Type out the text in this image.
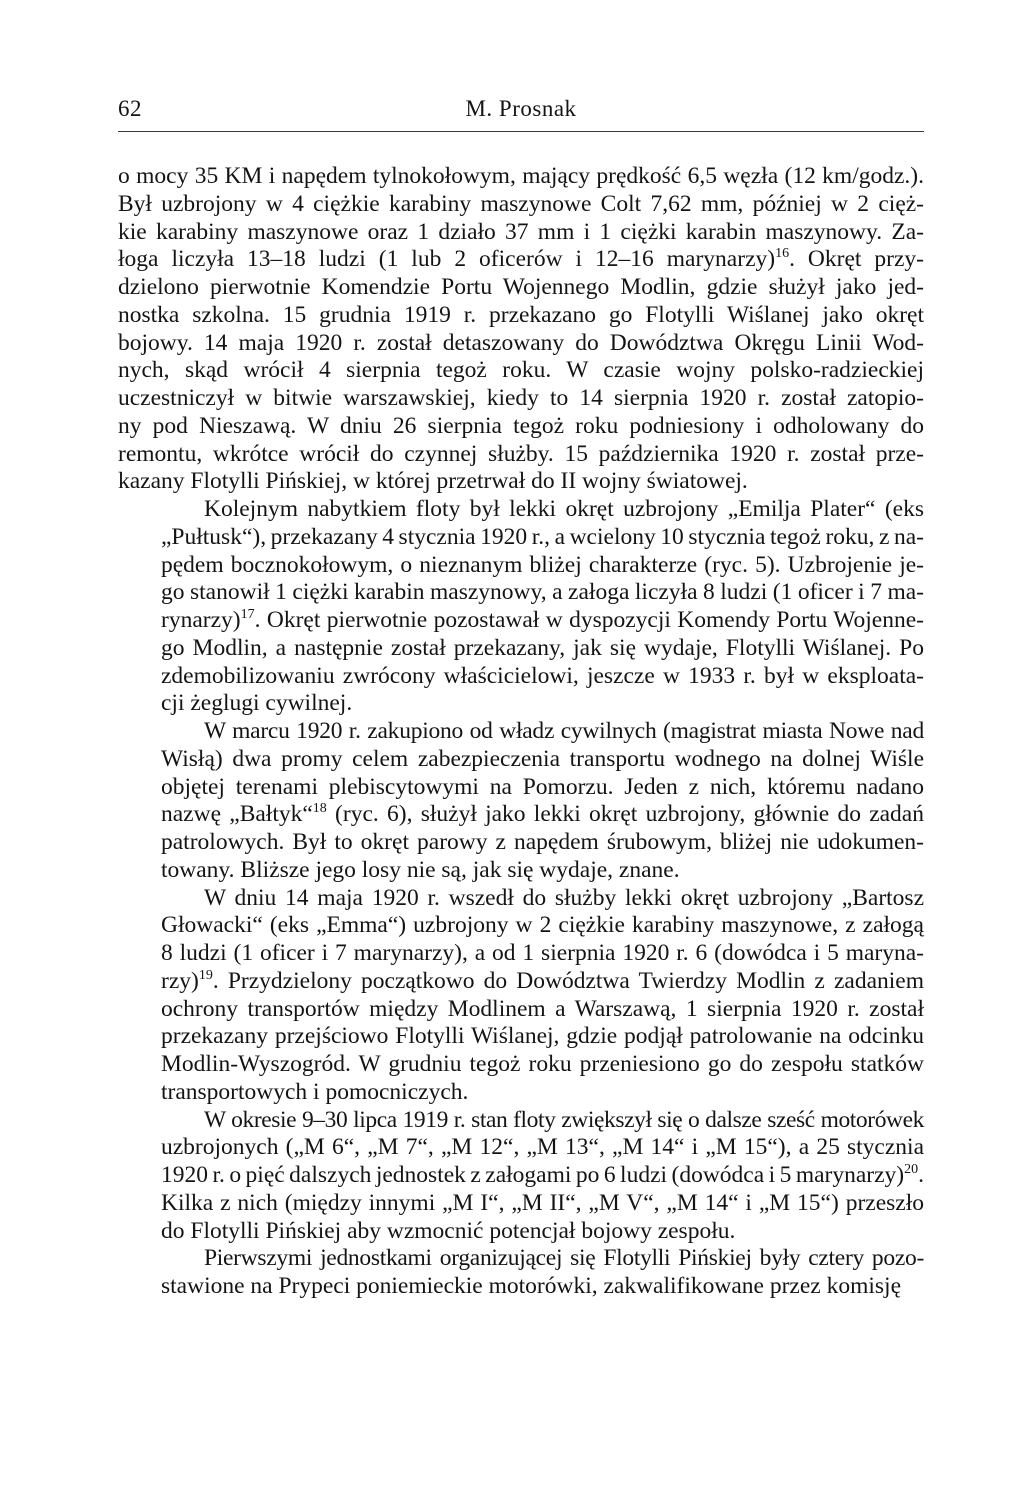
62	M. Prosnak
o mocy 35 KM i napędem tylnokołowym, mający prędkość 6,5 węzła (12 km/godz.).
Był uzbrojony w 4 ciężkie karabiny maszynowe Colt 7,62 mm, później w 2 cięż-
kie karabiny maszynowe oraz 1 działo 37 mm i 1 ciężki karabin maszynowy. Za-
łoga liczyła 13–18 ludzi (1 lub 2 oficerów i 12–16 marynarzy)$^{16}$. Okręt przy-
dzielono pierwotnie Komendzie Portu Wojennego Modlin, gdzie służył jako jed-
nostka szkolna. 15 grudnia 1919 r. przekazano go Flotylli Wiślanej jako okręt
bojowy. 14 maja 1920 r. został detaszowany do Dowództwa Okręgu Linii Wod-
nych, skąd wrócił 4 sierpnia tegoż roku. W czasie wojny polsko-radzieckiej
uczestniczył w bitwie warszawskiej, kiedy to 14 sierpnia 1920 r. został zatopio-
ny pod Nieszawą. W dniu 26 sierpnia tegoż roku podniesiony i odholowany do
remontu, wkrótce wrócił do czynnej służby. 15 października 1920 r. został prze-
kazany Flotylli Pińskiej, w której przetrwał do II wojny światowej.
Kolejnym nabytkiem floty był lekki okręt uzbrojony „Emilja Plater“ (eks
„Pułtusk“), przekazany 4 stycznia 1920 r., a wcielony 10 stycznia tegoż roku, z na-
pędem bocznokołowym, o nieznanym bliżej charakterze (ryc. 5). Uzbrojenie je-
go stanowił 1 ciężki karabin maszynowy, a załoga liczyła 8 ludzi (1 oficer i 7 ma-
rynarzy)$^{17}$. Okręt pierwotnie pozostawał w dyspozycji Komendy Portu Wojenne-
go Modlin, a następnie został przekazany, jak się wydaje, Flotylli Wiślanej. Po
zdemobilizowaniu zwrócony właścicielowi, jeszcze w 1933 r. był w eksploata-
cji żeglugi cywilnej.
W marcu 1920 r. zakupiono od władz cywilnych (magistrat miasta Nowe nad
Wisłą) dwa promy celem zabezpieczenia transportu wodnego na dolnej Wiśle
objętej terenami plebiscytowymi na Pomorzu. Jeden z nich, któremu nadano
nazwę „Bałtyk“$^{18}$ (ryc. 6), służył jako lekki okręt uzbrojony, głównie do zadań
patrolowych. Był to okręt parowy z napędem śrubowym, bliżej nie udokumen-
towany. Bliższe jego losy nie są, jak się wydaje, znane.
W dniu 14 maja 1920 r. wszedł do służby lekki okręt uzbrojony „Bartosz
Głowacki“ (eks „Emma“) uzbrojony w 2 ciężkie karabiny maszynowe, z załogą
8 ludzi (1 oficer i 7 marynarzy), a od 1 sierpnia 1920 r. 6 (dowódca i 5 maryna-
rzy)$^{19}$. Przydzielony początkowo do Dowództwa Twierdzy Modlin z zadaniem
ochrony transportów między Modlinem a Warszawą, 1 sierpnia 1920 r. został
przekazany przejściowo Flotylli Wiślanej, gdzie podjął patrolowanie na odcinku
Modlin-Wyszogród. W grudniu tegoż roku przeniesiono go do zespołu statków
transportowych i pomocniczych.
W okresie 9–30 lipca 1919 r. stan floty zwiększył się o dalsze sześć motorówek
uzbrojonych („M 6“, „M 7“, „M 12“, „M 13“, „M 14“ i „M 15“), a 25 stycznia
1920 r. o pięć dalszych jednostek z załogami po 6 ludzi (dowódca i 5 marynarzy)$^{20}$.
Kilka z nich (między innymi „M I“, „M II“, „M V“, „M 14“ i „M 15“) przeszło
do Flotylli Pińskiej aby wzmocnić potencjał bojowy zespołu.
Pierwszymi jednostkami organizującej się Flotylli Pińskiej były cztery pozo-
stawione na Prypeci poniemieckie motorówki, zakwalifikowane przez komisję
